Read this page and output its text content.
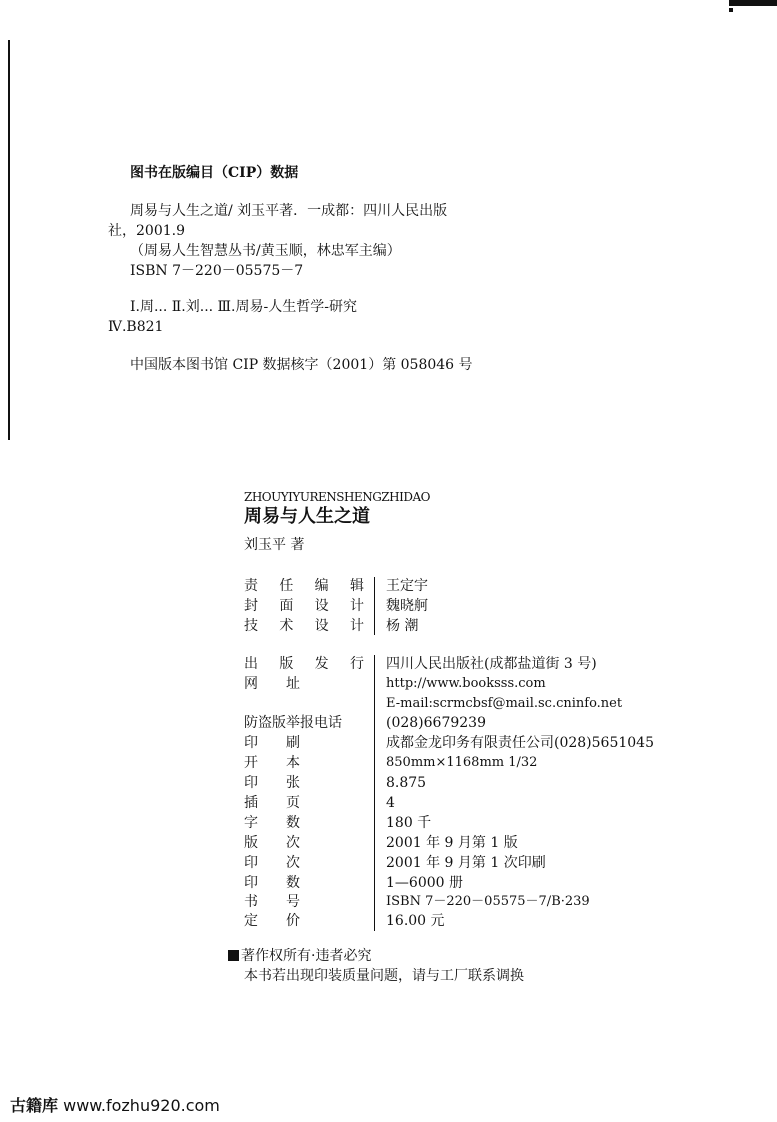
图书在版编目（CIP）数据
周易与人生之道/ 刘玉平著．一成都：四川人民出版
社，2001.9
（周易人生智慧丛书/黄玉顺，林忠军主编）
ISBN 7－220－05575－7
Ⅰ.周... Ⅱ.刘... Ⅲ.周易-人生哲学-研究
Ⅳ.B821
中国版本图书馆 CIP 数据核字（2001）第 058046 号
ZHOUYIYURENSHENGZHIDAO
周易与人生之道
刘玉平 著
责任编辑 王定宇
封面设计 魏晓舸
技术设计 杨 潮
出版发行 四川人民出版社(成都盐道街 3 号)
网址	http://www.booksss.com
E-mail:scrmcbsf@mail.sc.cninfo.net
防盗版举报电话	(028)6679239
印刷	成都金龙印务有限责任公司(028)5651045
开本	850mm×1168mm 1/32
印张	8.875
插页	4
字数	180 千
版次	2001 年 9 月第 1 版
印次	2001 年 9 月第 1 次印刷
印数	1—6000 册
书号	ISBN 7－220－05575－7/B·239
定价	16.00 元
著作权所有·违者必究
本书若出现印装质量问题，请与工厂联系调换
古籍库 www.fozhu920.com
